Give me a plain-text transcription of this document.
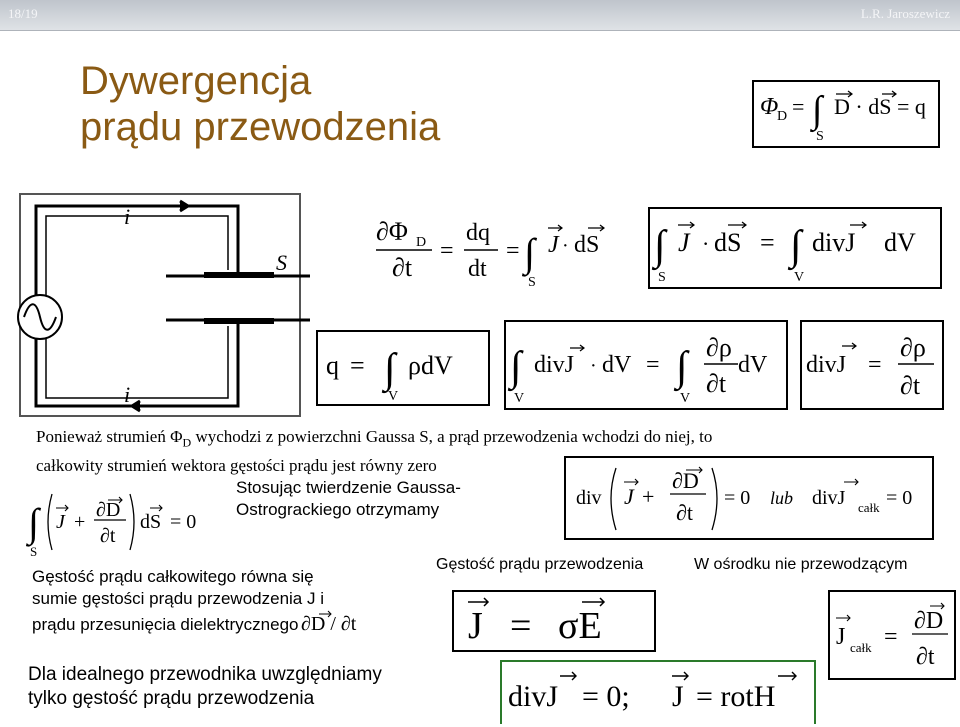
18/19	L.R. Jaroszewicz
Dywergencja
prądu przewodzenia	Φ
D = ∫
S
D · dS = q
i
i
S
∂Φ D
∂t
=
dq
dt
= ∫
S
J · dS ∫
S
J · dS = ∫
V
divJ dV
q = ∫
V
ρdV ∫
V
divJ · dV = ∫
V
∂ρ
∂t
dV divJ =
∂ρ
∂t
Ponieważ strumień $\Phi_D$ wychodzi z powierzchni Gaussa S, a prąd przewodzenia wchodzi do niej, to
całkowity strumień wektora gęstości prądu jest równy zero
Stosując twierdzenie Gaussa-
Ostrograckiego otrzymamy
∫
S
J +
∂D
∂t
dS = 0
div J +
∂D
∂t
= 0 lub divJ całk = 0
Gęstość prądu całkowitego równa się
sumie gęstości prądu przewodzenia J i
prądu przesunięcia dielektrycznego ∂D / ∂t
Gęstość prądu przewodzenia	W ośrodku nie przewodzącym
J = σE	J całk =
∂D
∂t
Dla idealnego przewodnika uwzględniamy
tylko gęstość prądu przewodzenia	divJ = 0; J = rotH
